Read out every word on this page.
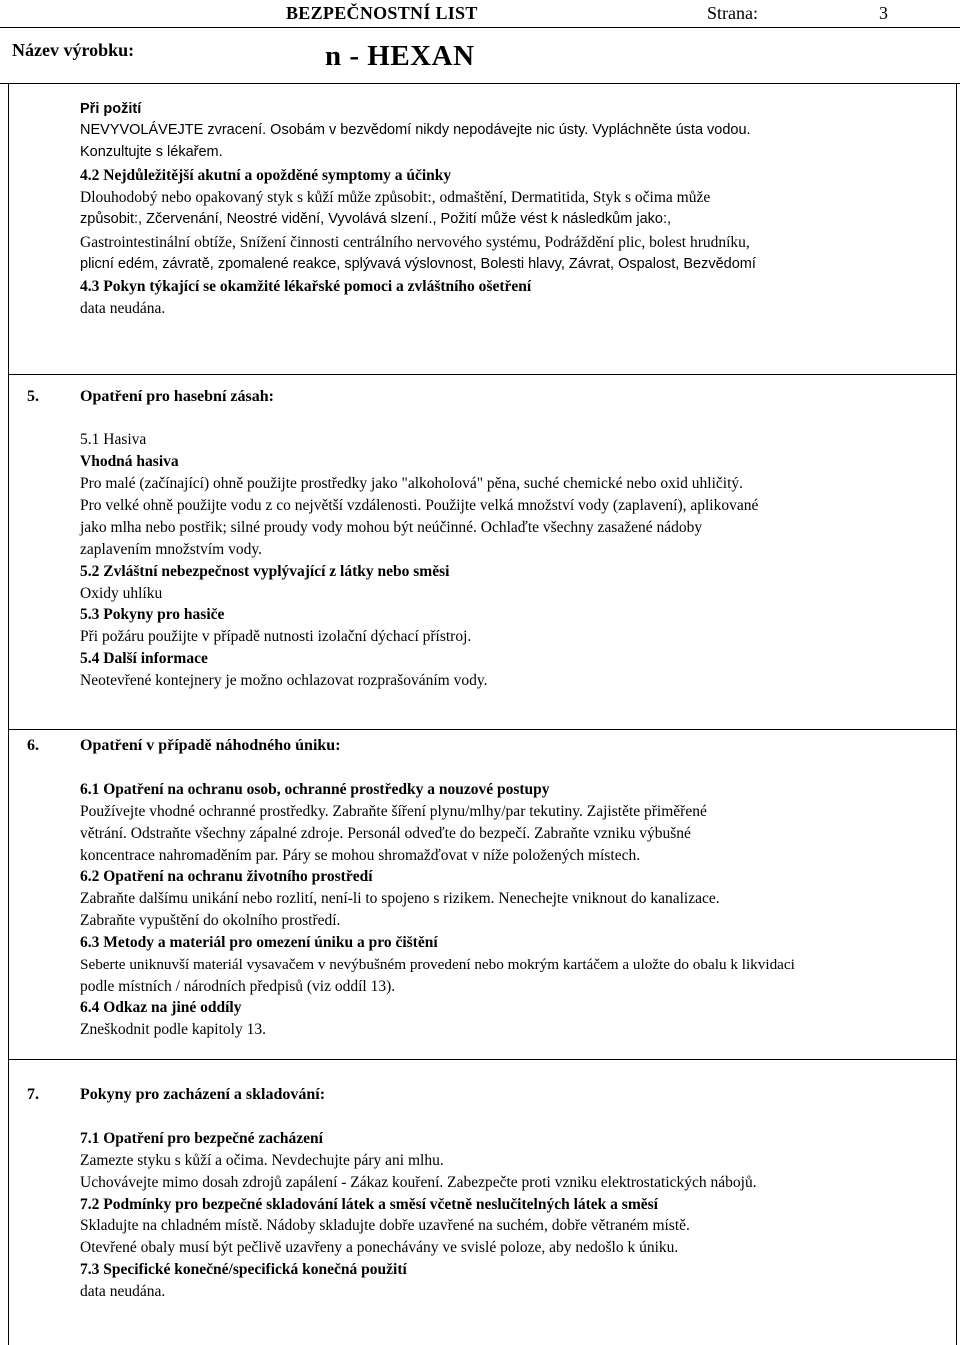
BEZPEČNOSTNÍ LIST	Strana:	3
Název výrobku:	n - HEXAN
Při požití
NEVYVOLÁVEJTE zvracení. Osobám v bezvědomí nikdy nepodávejte nic ústy. Vypláchněte ústa vodou.
Konzultujte s lékařem.
4.2 Nejdůležitější akutní a opožděné symptomy a účinky
Dlouhodobý nebo opakovaný styk s kůží může způsobit:, odmaštění, Dermatitida, Styk s očima může
způsobit:, Zčervenání, Neostré vidění, Vyvolává slzení., Požití může vést k následkům jako:,
Gastrointestinální obtíže, Snížení činnosti centrálního nervového systému, Podráždění plic, bolest hrudníku,
plicní edém, závratě, zpomalené reakce, splývavá výslovnost, Bolesti hlavy, Závrat, Ospalost, Bezvědomí
4.3 Pokyn týkající se okamžité lékařské pomoci a zvláštního ošetření
data neudána.
5.	Opatření pro hasební zásah:
5.1 Hasiva
Vhodná hasiva
Pro malé (začínající) ohně použijte prostředky jako "alkoholová" pěna, suché chemické nebo oxid uhličitý.
Pro velké ohně použijte vodu z co největší vzdálenosti. Použijte velká množství vody (zaplavení), aplikované
jako mlha nebo postřik; silné proudy vody mohou být neúčinné. Ochlaďte všechny zasažené nádoby
zaplavením množstvím vody.
5.2 Zvláštní nebezpečnost vyplývající z látky nebo směsi
Oxidy uhlíku
5.3 Pokyny pro hasiče
Při požáru použijte v případě nutnosti izolační dýchací přístroj.
5.4 Další informace
Neotevřené kontejnery je možno ochlazovat rozprašováním vody.
6.	Opatření v případě náhodného úniku:
6.1 Opatření na ochranu osob, ochranné prostředky a nouzové postupy
Používejte vhodné ochranné prostředky. Zabraňte šíření plynu/mlhy/par tekutiny. Zajistěte přiměřené
větrání. Odstraňte všechny zápalné zdroje. Personál odveďte do bezpečí. Zabraňte vzniku výbušné
koncentrace nahromaděním par. Páry se mohou shromažďovat v níže položených místech.
6.2 Opatření na ochranu životního prostředí
Zabraňte dalšímu unikání nebo rozlití, není-li to spojeno s rizikem. Nenechejte vniknout do kanalizace.
Zabraňte vypuštění do okolního prostředí.
6.3 Metody a materiál pro omezení úniku a pro čištění
Seberte uniknuvší materiál vysavačem v nevýbušném provedení nebo mokrým kartáčem a uložte do obalu k likvidaci
podle místních / národních předpisů (viz oddíl 13).
6.4 Odkaz na jiné oddíly
Zneškodnit podle kapitoly 13.
7.	Pokyny pro zacházení a skladování:
7.1 Opatření pro bezpečné zacházení
Zamezte styku s kůží a očima. Nevdechujte páry ani mlhu.
Uchovávejte mimo dosah zdrojů zapálení - Zákaz kouření. Zabezpečte proti vzniku elektrostatických nábojů.
7.2 Podmínky pro bezpečné skladování látek a směsí včetně neslučitelných látek a směsí
Skladujte na chladném místě. Nádoby skladujte dobře uzavřené na suchém, dobře větraném místě.
Otevřené obaly musí být pečlivě uzavřeny a ponechávány ve svislé poloze, aby nedošlo k úniku.
7.3 Specifické konečné/specifická konečná použití
data neudána.
